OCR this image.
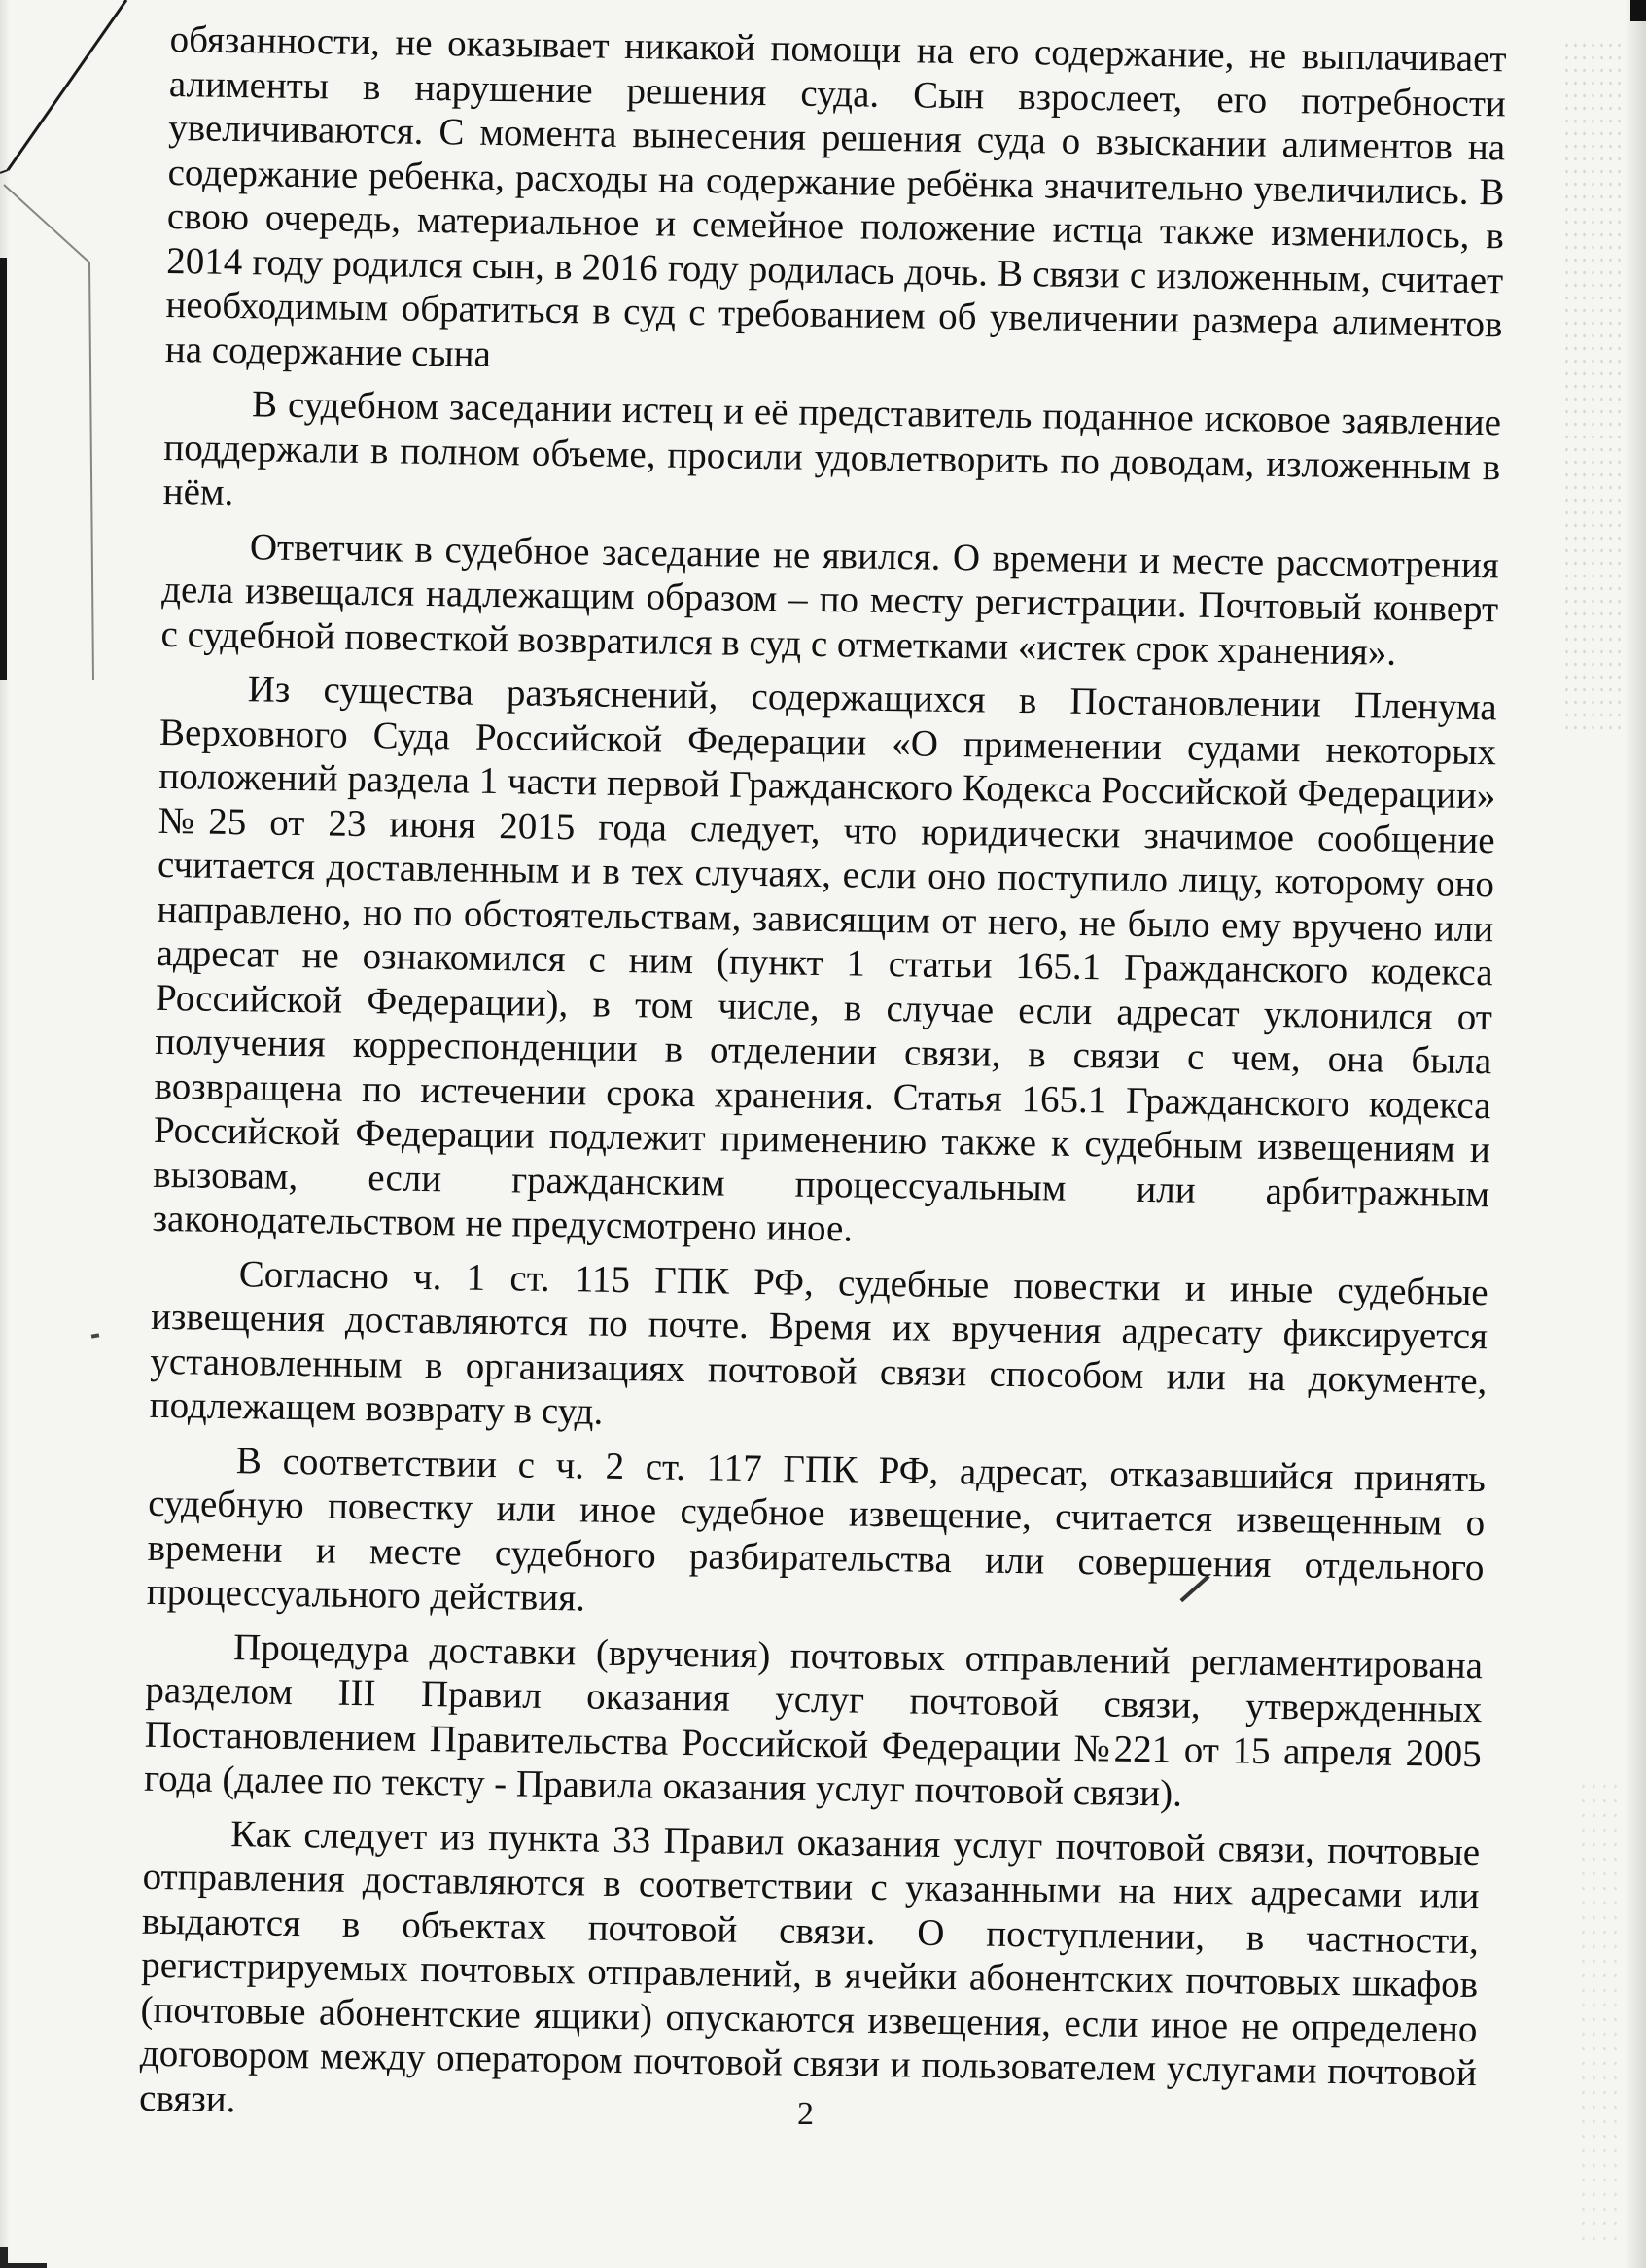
обязанности, не оказывает никакой помощи на его содержание, не выплачивает алименты в нарушение решения суда. Сын взрослеет, его потребности увеличиваются. С момента вынесения решения суда о взыскании алиментов на содержание ребенка, расходы на содержание ребёнка значительно увеличились. В свою очередь, материальное и семейное положение истца также изменилось, в 2014 году родился сын, в 2016 году родилась дочь. В связи с изложенным, считает необходимым обратиться в суд с требованием об увеличении размера алиментов на содержание сына

В судебном заседании истец и её представитель поданное исковое заявление поддержали в полном объеме, просили удовлетворить по доводам, изложенным в нём.

Ответчик в судебное заседание не явился. О времени и месте рассмотрения дела извещался надлежащим образом – по месту регистрации. Почтовый конверт с судебной повесткой возвратился в суд с отметками «истек срок хранения».

Из существа разъяснений, содержащихся в Постановлении Пленума Верховного Суда Российской Федерации «О применении судами некоторых положений раздела 1 части первой Гражданского Кодекса Российской Федерации» №25 от 23 июня 2015 года следует, что юридически значимое сообщение считается доставленным и в тех случаях, если оно поступило лицу, которому оно направлено, но по обстоятельствам, зависящим от него, не было ему вручено или адресат не ознакомился с ним (пункт 1 статьи 165.1 Гражданского кодекса Российской Федерации), в том числе, в случае если адресат уклонился от получения корреспонденции в отделении связи, в связи с чем, она была возвращена по истечении срока хранения. Статья 165.1 Гражданского кодекса Российской Федерации подлежит применению также к судебным извещениям и вызовам, если гражданским процессуальным или арбитражным законодательством не предусмотрено иное.

Согласно ч. 1 ст. 115 ГПК РФ, судебные повестки и иные судебные извещения доставляются по почте. Время их вручения адресату фиксируется установленным в организациях почтовой связи способом или на документе, подлежащем возврату в суд.

В соответствии с ч. 2 ст. 117 ГПК РФ, адресат, отказавшийся принять судебную повестку или иное судебное извещение, считается извещенным о времени и месте судебного разбирательства или совершения отдельного процессуального действия.

Процедура доставки (вручения) почтовых отправлений регламентирована разделом III Правил оказания услуг почтовой связи, утвержденных Постановлением Правительства Российской Федерации №221 от 15 апреля 2005 года (далее по тексту - Правила оказания услуг почтовой связи).

Как следует из пункта 33 Правил оказания услуг почтовой связи, почтовые отправления доставляются в соответствии с указанными на них адресами или выдаются в объектах почтовой связи. О поступлении, в частности, регистрируемых почтовых отправлений, в ячейки абонентских почтовых шкафов (почтовые абонентские ящики) опускаются извещения, если иное не определено договором между оператором почтовой связи и пользователем услугами почтовой связи.	2
